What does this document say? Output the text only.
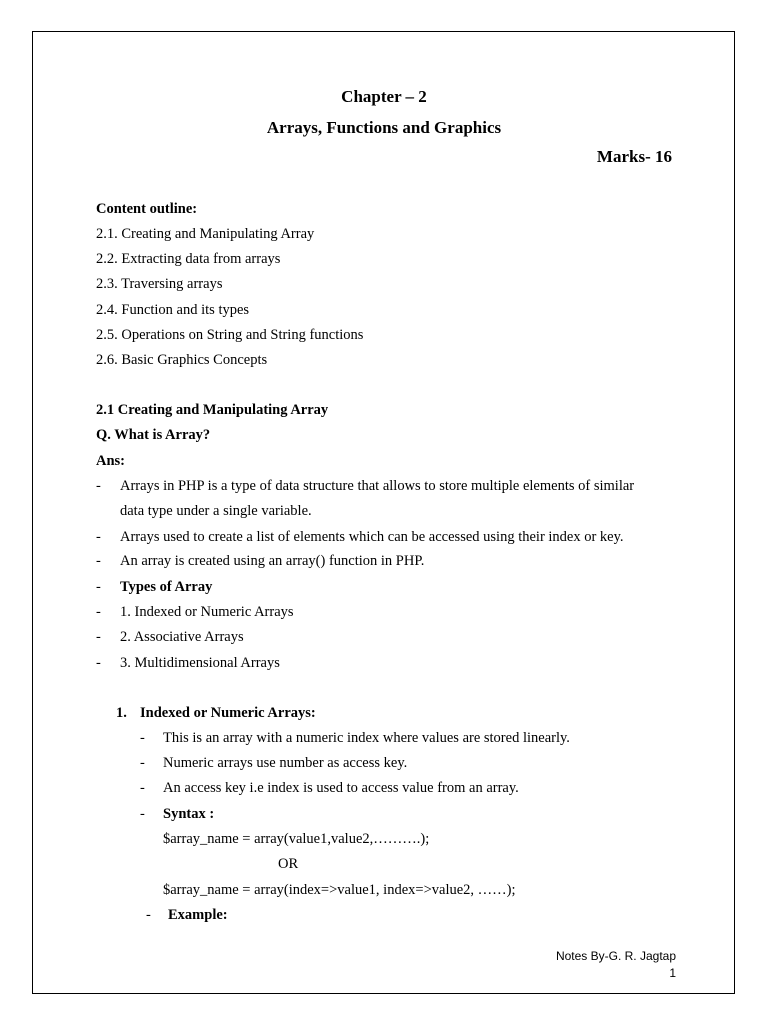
Chapter – 2
Arrays, Functions and Graphics
Marks- 16
Content outline:
2.1. Creating and Manipulating Array
2.2. Extracting data from arrays
2.3. Traversing arrays
2.4. Function and its types
2.5. Operations on String and String functions
2.6. Basic Graphics Concepts
2.1 Creating and Manipulating Array
Q. What is Array?
Ans:
- Arrays in PHP is a type of data structure that allows to store multiple elements of similar
data type under a single variable.
- Arrays used to create a list of elements which can be accessed using their index or key.
- An array is created using an array() function in PHP.
- Types of Array
- 1. Indexed or Numeric Arrays
- 2. Associative Arrays
- 3. Multidimensional Arrays
1. Indexed or Numeric Arrays:
- This is an array with a numeric index where values are stored linearly.
- Numeric arrays use number as access key.
- An access key i.e index is used to access value from an array.
- Syntax :
$array_name = array(value1,value2,……….);
OR
$array_name = array(index=>value1, index=>value2, ……);
- Example:
Notes By-G. R. Jagtap
1
